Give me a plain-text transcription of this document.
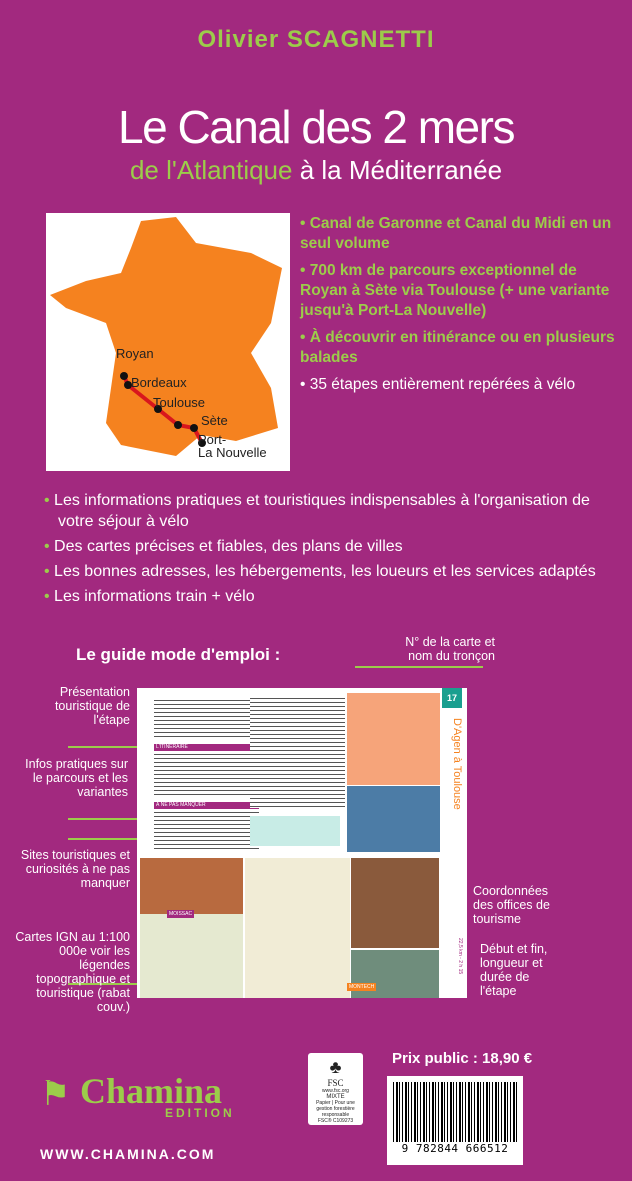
Olivier SCAGNETTI
Le Canal des 2 mers
de l'Atlantique à la Méditerranée
Royan
Bordeaux
Toulouse
Sète
Port-
La Nouvelle
• Canal de Garonne et Canal du Midi en un seul volume
• 700 km de parcours exceptionnel de Royan à Sète via Toulouse (+ une variante jusqu'à Port-La Nouvelle)
• À découvrir en itinérance ou en plusieurs balades
• 35 étapes entièrement repérées à vélo
• Les informations pratiques et touristiques indispensables à l'organisation de votre séjour à vélo
• Des cartes précises et fiables, des plans de villes
• Les bonnes adresses, les hébergements, les loueurs et les services adaptés
• Les informations train + vélo
Le guide mode d'emploi :
Présentation touristique de l'étape
Infos pratiques sur le parcours et les variantes
Sites touristiques et curiosités à ne pas manquer
Cartes IGN au 1:100 000e voir les légendes topographique et touristique (rabat couv.)
N° de la carte et nom du tronçon
Coordonnées des offices de tourisme
Début et fin, longueur et durée de l'étape
L'ITINÉRAIRE
À NE PAS MANQUER
17
D'Agen à Toulouse
MOISSAC
MONTECH
22,5 km - 2 h 15
♣
FSC
www.fsc.org
MIXTE
Papier | Pour une gestion forestière responsable
FSC® C109273
Prix public : 18,90 €
9 782844 666512
⚑ Chamina
EDITION
WWW.CHAMINA.COM
